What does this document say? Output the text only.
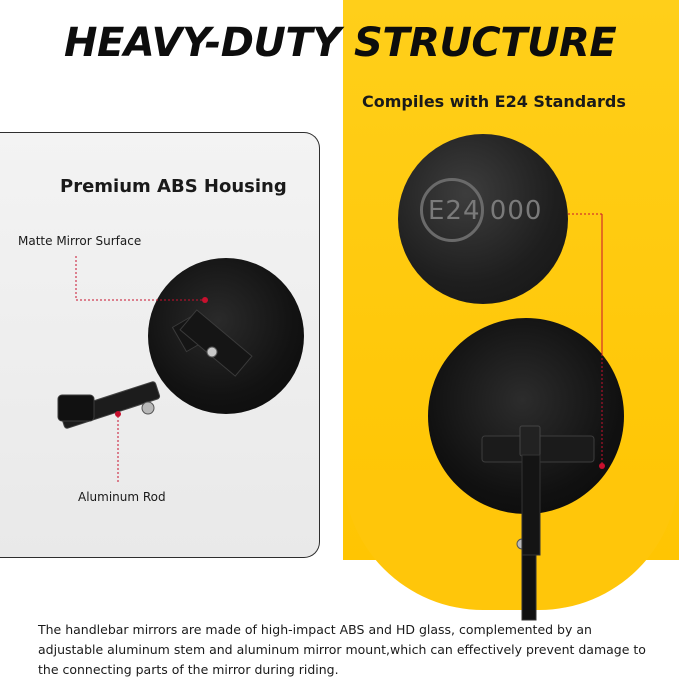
HEAVY-DUTY STRUCTURE
Compiles with E24 Standards
Premium ABS Housing
Matte Mirror Surface
Aluminum Rod
E24 000
The handlebar mirrors are made of high-impact ABS and HD glass, complemented by an adjustable aluminum stem and aluminum mirror mount,which can effectively prevent damage to the connecting parts of the mirror during riding.
